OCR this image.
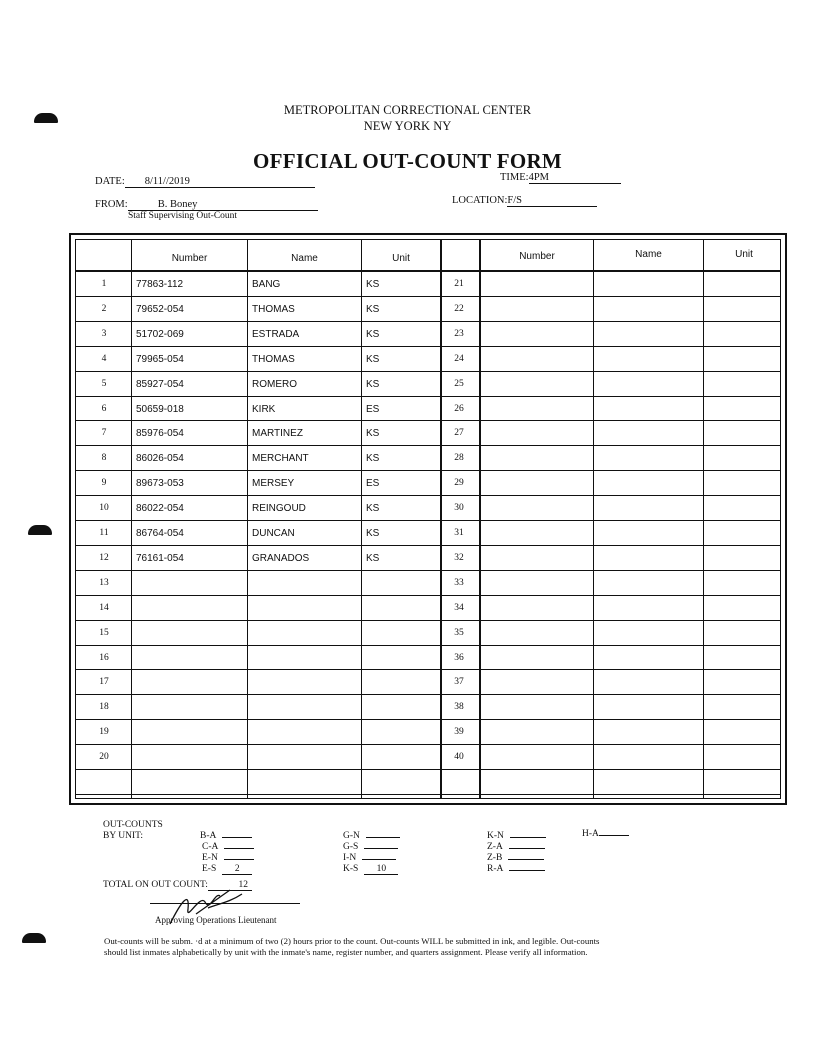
METROPOLITAN CORRECTIONAL CENTER
NEW YORK NY
OFFICIAL OUT-COUNT FORM
DATE: 8/11//2019	TIME:4PM
FROM:	B. Boney
Staff Supervising Out-Count
LOCATION:F/S
Number	Name	Unit	Number	Name	Unit
1	77863-112	BANG	KS	21
2	79652-054	THOMAS	KS	22
3	51702-069	ESTRADA	KS	23
4	79965-054	THOMAS	KS	24
5	85927-054	ROMERO	KS	25
6	50659-018	KIRK	ES	26
7	85976-054	MARTINEZ	KS	27
8	86026-054	MERCHANT	KS	28
9	89673-053	MERSEY	ES	29
10	86022-054	REINGOUD	KS	30
11	86764-054	DUNCAN	KS	31
12	76161-054	GRANADOS	KS	32
13	33
14	34
15	35
16	36
17	37
18	38
19	39
20	40
OUT-COUNTS
BY UNIT:	B-A
C-A
E-N
E-S 2
G-N
G-S
I-N
K-S 10
K-N
Z-A
Z-B
R-A
H-A
TOTAL ON OUT COUNT:	12
Approving Operations Lieutenant
Out-counts will be subm. ·d at a minimum of two (2) hours prior to the count. Out-counts WILL be submitted in ink, and legible. Out-counts
should list inmates alphabetically by unit with the inmate's name, register number, and quarters assignment. Please verify all information.
